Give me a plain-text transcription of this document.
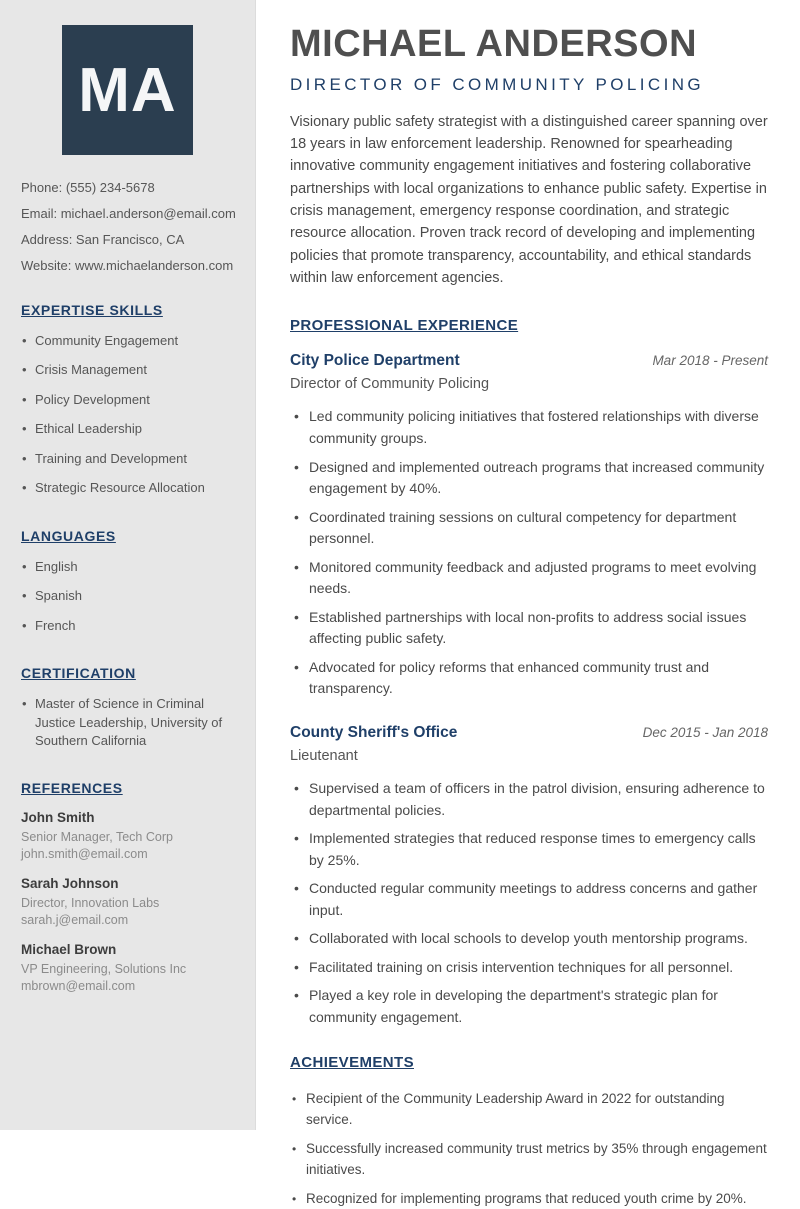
MA
Phone: (555) 234-5678
Email: michael.anderson@email.com
Address: San Francisco, CA
Website: www.michaelanderson.com
EXPERTISE SKILLS
• Community Engagement
• Crisis Management
• Policy Development
• Ethical Leadership
• Training and Development
• Strategic Resource Allocation
LANGUAGES
• English
• Spanish
• French
CERTIFICATION
• Master of Science in Criminal Justice Leadership, University of Southern California
REFERENCES
John Smith
Senior Manager, Tech Corp
john.smith@email.com
Sarah Johnson
Director, Innovation Labs
sarah.j@email.com
Michael Brown
VP Engineering, Solutions Inc
mbrown@email.com
MICHAEL ANDERSON
DIRECTOR OF COMMUNITY POLICING

Visionary public safety strategist with a distinguished career spanning over 18 years in law enforcement leadership. Renowned for spearheading innovative community engagement initiatives and fostering collaborative partnerships with local organizations to enhance public safety. Expertise in crisis management, emergency response coordination, and strategic resource allocation. Proven track record of developing and implementing policies that promote transparency, accountability, and ethical standards within law enforcement agencies.

PROFESSIONAL EXPERIENCE
City Police Department	Mar 2018 - Present
Director of Community Policing
• Led community policing initiatives that fostered relationships with diverse community groups.
• Designed and implemented outreach programs that increased community engagement by 40%.
• Coordinated training sessions on cultural competency for department personnel.
• Monitored community feedback and adjusted programs to meet evolving needs.
• Established partnerships with local non-profits to address social issues affecting public safety.
• Advocated for policy reforms that enhanced community trust and transparency.
County Sheriff's Office	Dec 2015 - Jan 2018
Lieutenant
• Supervised a team of officers in the patrol division, ensuring adherence to departmental policies.
• Implemented strategies that reduced response times to emergency calls by 25%.
• Conducted regular community meetings to address concerns and gather input.
• Collaborated with local schools to develop youth mentorship programs.
• Facilitated training on crisis intervention techniques for all personnel.
• Played a key role in developing the department's strategic plan for community engagement.
ACHIEVEMENTS
• Recipient of the Community Leadership Award in 2022 for outstanding service.
• Successfully increased community trust metrics by 35% through engagement initiatives.
• Recognized for implementing programs that reduced youth crime by 20%.
